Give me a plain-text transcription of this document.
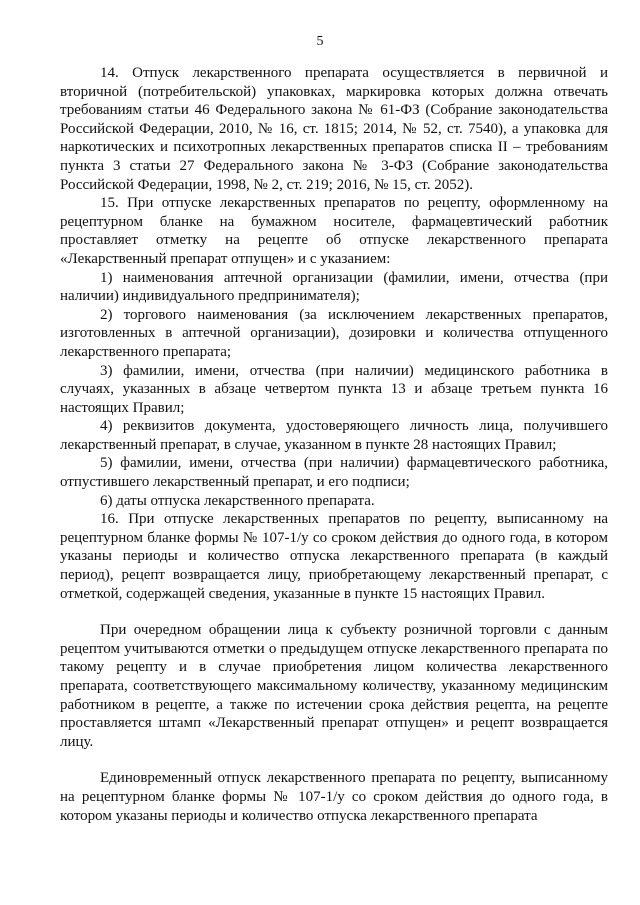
5

14. Отпуск лекарственного препарата осуществляется в первичной и вторичной (потребительской) упаковках, маркировка которых должна отвечать требованиям статьи 46 Федерального закона № 61-ФЗ (Собрание законодательства Российской Федерации, 2010, № 16, ст. 1815; 2014, № 52, ст. 7540), а упаковка для наркотических и психотропных лекарственных препаратов списка II – требованиям пункта 3 статьи 27 Федерального закона № 3-ФЗ (Собрание законодательства Российской Федерации, 1998, № 2, ст. 219; 2016, № 15, ст. 2052).

15. При отпуске лекарственных препаратов по рецепту, оформленному на рецептурном бланке на бумажном носителе, фармацевтический работник проставляет отметку на рецепте об отпуске лекарственного препарата «Лекарственный препарат отпущен» и с указанием:

1) наименования аптечной организации (фамилии, имени, отчества (при наличии) индивидуального предпринимателя);

2) торгового наименования (за исключением лекарственных препаратов, изготовленных в аптечной организации), дозировки и количества отпущенного лекарственного препарата;

3) фамилии, имени, отчества (при наличии) медицинского работника в случаях, указанных в абзаце четвертом пункта 13 и абзаце третьем пункта 16 настоящих Правил;

4) реквизитов документа, удостоверяющего личность лица, получившего лекарственный препарат, в случае, указанном в пункте 28 настоящих Правил;

5) фамилии, имени, отчества (при наличии) фармацевтического работника, отпустившего лекарственный препарат, и его подписи;

6) даты отпуска лекарственного препарата.

16. При отпуске лекарственных препаратов по рецепту, выписанному на рецептурном бланке формы № 107-1/у со сроком действия до одного года, в котором указаны периоды и количество отпуска лекарственного препарата (в каждый период), рецепт возвращается лицу, приобретающему лекарственный препарат, с отметкой, содержащей сведения, указанные в пункте 15 настоящих Правил.

При очередном обращении лица к субъекту розничной торговли с данным рецептом учитываются отметки о предыдущем отпуске лекарственного препарата по такому рецепту и в случае приобретения лицом количества лекарственного препарата, соответствующего максимальному количеству, указанному медицинским работником в рецепте, а также по истечении срока действия рецепта, на рецепте проставляется штамп «Лекарственный препарат отпущен» и рецепт возвращается лицу.

Единовременный отпуск лекарственного препарата по рецепту, выписанному на рецептурном бланке формы № 107-1/у со сроком действия до одного года, в котором указаны периоды и количество отпуска лекарственного препарата
